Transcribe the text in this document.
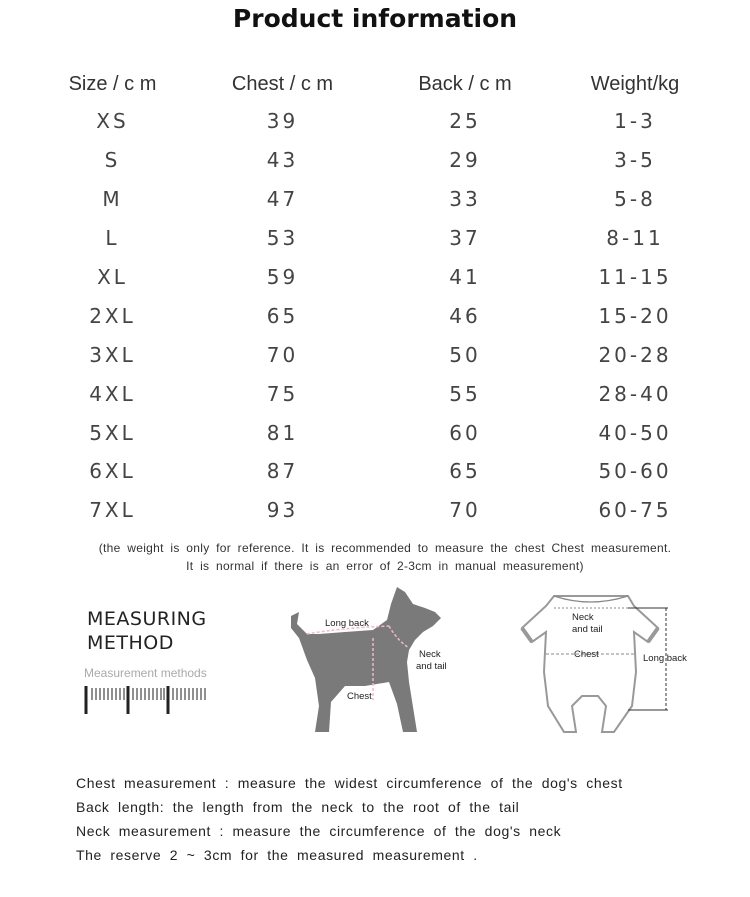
Product information
Size / c m	Chest / c m	Back / c m	Weight/kg
XS	39	25	1-3
S	43	29	3-5
M	47	33	5-8
L	53	37	8-11
XL	59	41	11-15
2XL	65	46	15-20
3XL	70	50	20-28
4XL	75	55	28-40
5XL	81	60	40-50
6XL	87	65	50-60
7XL	93	70	60-75
(the weight is only for reference. It is recommended to measure the chest Chest measurement.
It is normal if there is an error of 2-3cm in manual measurement)
MEASURING
METHOD
Measurement methods
Long back
Neck
and tail
Chest
Neck
and tail
Chest	Long back
Chest measurement : measure the widest circumference of the dog's chest
Back length: the length from the neck to the root of the tail
Neck measurement : measure the circumference of the dog's neck
The reserve 2 ~ 3cm for the measured measurement .
